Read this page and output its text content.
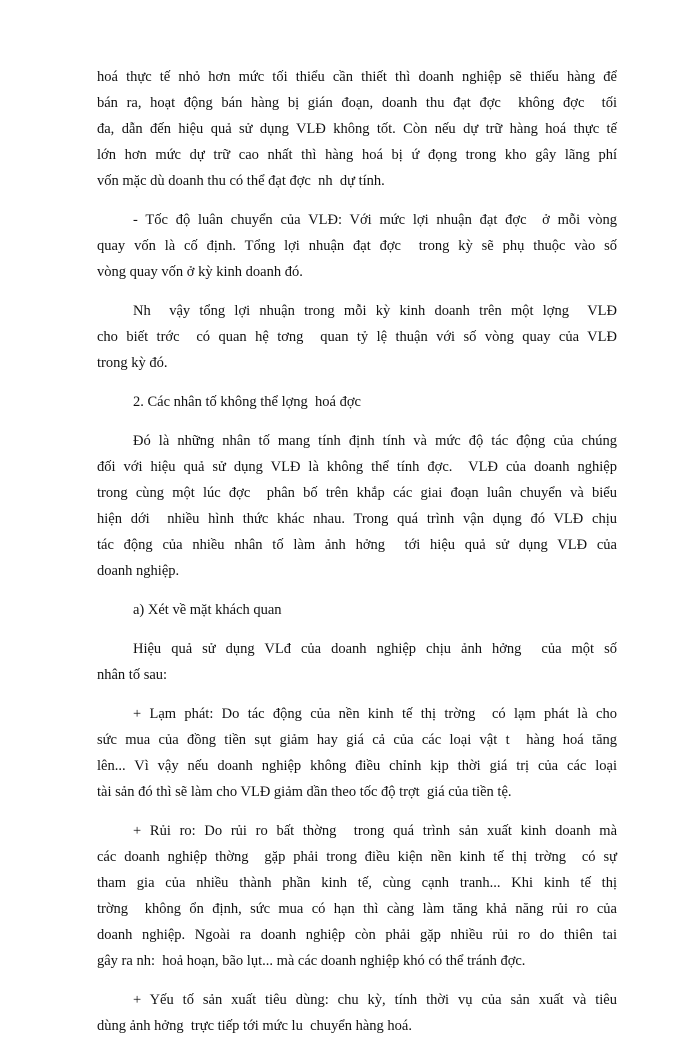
hoá thực tế nhỏ hơn mức tối thiểu cần thiết thì doanh nghiệp sẽ thiếu hàng để
bán ra, hoạt động bán hàng bị gián đoạn, doanh thu đạt đợc  không đợc  tối
đa, dẫn đến hiệu quả sử dụng VLĐ không tốt. Còn nếu dự trữ hàng hoá thực tế
lớn hơn mức dự trữ cao nhất thì hàng hoá bị ứ đọng trong kho gây lãng phí
vốn mặc dù doanh thu có thể đạt đợc  nh  dự tính.
- Tốc độ luân chuyển của VLĐ: Với mức lợi nhuận đạt đợc  ở mỗi vòng
quay vốn là cố định. Tổng lợi nhuận đạt đợc  trong kỳ sẽ phụ thuộc vào số
vòng quay vốn ở kỳ kinh doanh đó.
Nh  vậy tổng lợi nhuận trong mỗi kỳ kinh doanh trên một lợng  VLĐ
cho biết trớc  có quan hệ tơng  quan tỷ lệ thuận với số vòng quay của VLĐ
trong kỳ đó.
2. Các nhân tố không thể lợng  hoá đợc
Đó là những nhân tố mang tính định tính và mức độ tác động của chúng
đối với hiệu quả sử dụng VLĐ là không thể tính đợc.  VLĐ của doanh nghiệp
trong cùng một lúc đợc  phân bố trên khắp các giai đoạn luân chuyển và biểu
hiện dới  nhiều hình thức khác nhau. Trong quá trình vận dụng đó VLĐ chịu
tác động của nhiều nhân tố làm ảnh hởng  tới hiệu quả sử dụng VLĐ của
doanh nghiệp.
a) Xét về mặt khách quan
Hiệu quả sử dụng VLđ của doanh nghiệp chịu ảnh hởng  của một số
nhân tố sau:
+ Lạm phát: Do tác động của nền kinh tế thị trờng  có lạm phát là cho
sức mua của đồng tiền sụt giảm hay giá cả của các loại vật t  hàng hoá tăng
lên... Vì vậy nếu doanh nghiệp không điều chỉnh kịp thời giá trị của các loại
tài sản đó thì sẽ làm cho VLĐ giảm dần theo tốc độ trợt  giá của tiền tệ.
+ Rủi ro: Do rủi ro bất thờng  trong quá trình sản xuất kinh doanh mà
các doanh nghiệp thờng  gặp phải trong điều kiện nền kinh tế thị trờng  có sự
tham gia của nhiều thành phần kinh tế, cùng cạnh tranh... Khi kinh tế thị
trờng  không ổn định, sức mua có hạn thì càng làm tăng khả năng rủi ro của
doanh nghiệp. Ngoài ra doanh nghiệp còn phải gặp nhiều rủi ro do thiên tai
gây ra nh:  hoả hoạn, bão lụt... mà các doanh nghiệp khó có thể tránh đợc.
+ Yếu tố sản xuất tiêu dùng: chu kỳ, tính thời vụ của sản xuất và tiêu
dùng ảnh hởng  trực tiếp tới mức lu  chuyển hàng hoá.
